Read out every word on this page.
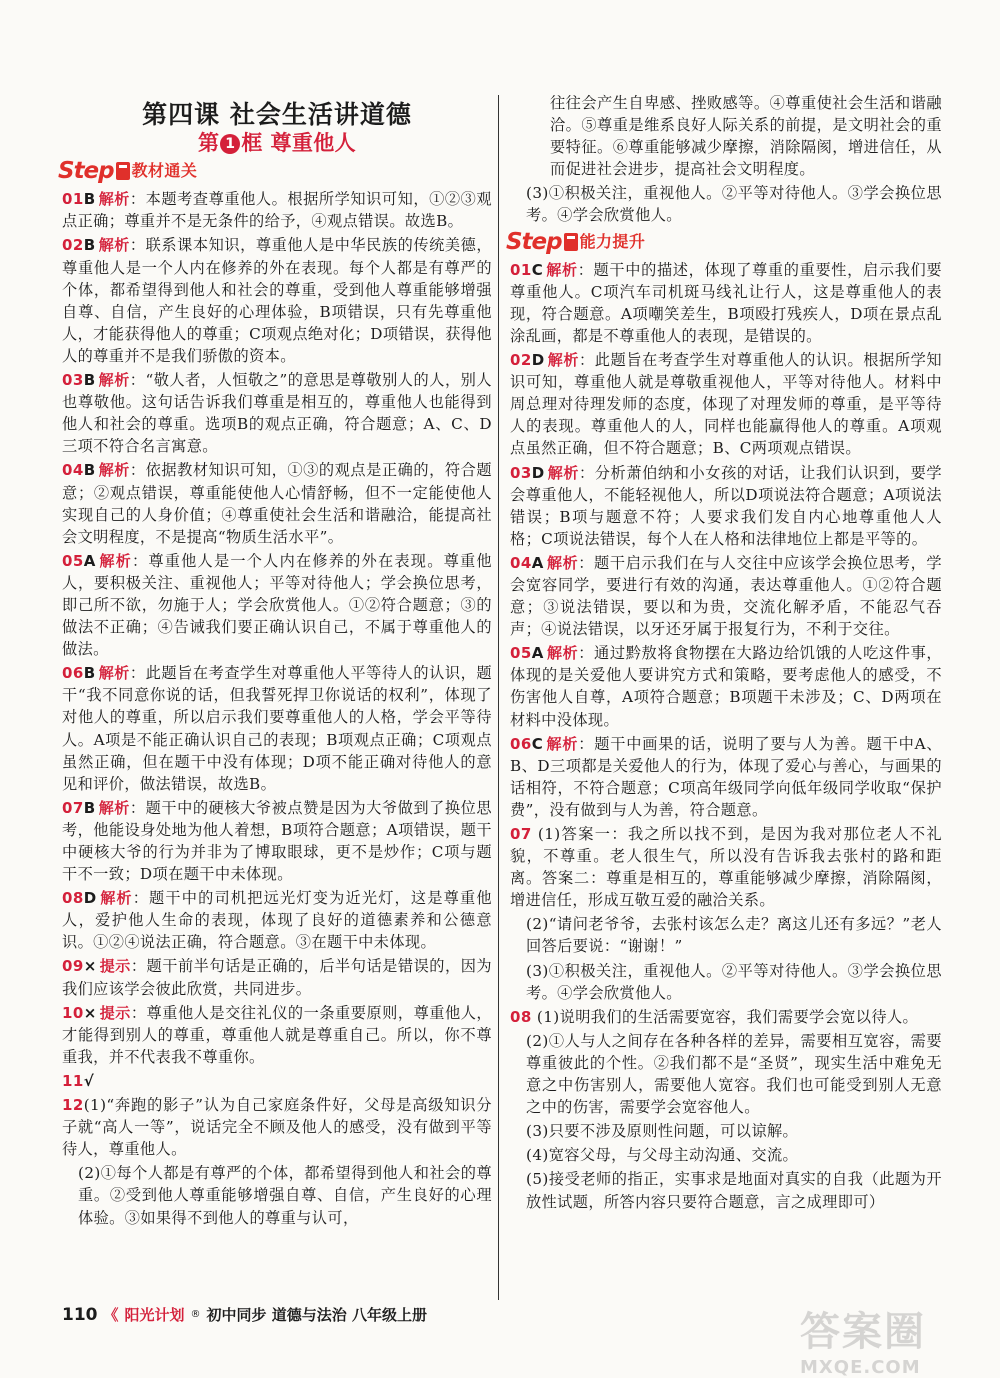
第四课 社会生活讲道德
第 1 框 尊重他人
Step 教材通关
01B 解析：本题考查尊重他人。根据所学知识可知，①②③观点正确；尊重并不是无条件的给予，④观点错误。故选B。
02B 解析：联系课本知识，尊重他人是中华民族的传统美德，尊重他人是一个人内在修养的外在表现。每个人都是有尊严的个体，都希望得到他人和社会的尊重，受到他人尊重能够增强自尊、自信，产生良好的心理体验，B项错误，只有先尊重他人，才能获得他人的尊重；C项观点绝对化；D项错误，获得他人的尊重并不是我们骄傲的资本。
03B 解析：“敬人者，人恒敬之”的意思是尊敬别人的人，别人也尊敬他。这句话告诉我们尊重是相互的，尊重他人也能得到他人和社会的尊重。选项B的观点正确，符合题意；A、C、D三项不符合名言寓意。
04B 解析：依据教材知识可知，①③的观点是正确的，符合题意；②观点错误，尊重能使他人心情舒畅，但不一定能使他人实现自己的人身价值；④尊重使社会生活和谐融洽，能提高社会文明程度，不是提高“物质生活水平”。
05A 解析：尊重他人是一个人内在修养的外在表现。尊重他人，要积极关注、重视他人；平等对待他人；学会换位思考，即己所不欲，勿施于人；学会欣赏他人。①②符合题意；③的做法不正确；④告诫我们要正确认识自己，不属于尊重他人的做法。
06B 解析：此题旨在考查学生对尊重他人平等待人的认识，题干“我不同意你说的话，但我誓死捍卫你说话的权利”，体现了对他人的尊重，所以启示我们要尊重他人的人格，学会平等待人。A项是不能正确认识自己的表现；B项观点正确；C项观点虽然正确，但在题干中没有体现；D项不能正确对待他人的意见和评价，做法错误，故选B。
07B 解析：题干中的硬核大爷被点赞是因为大爷做到了换位思考，他能设身处地为他人着想，B项符合题意；A项错误，题干中硬核大爷的行为并非为了博取眼球，更不是炒作；C项与题干不一致；D项在题干中未体现。
08D 解析：题干中的司机把远光灯变为近光灯，这是尊重他人，爱护他人生命的表现，体现了良好的道德素养和公德意识。①②④说法正确，符合题意。③在题干中未体现。
09× 提示：题干前半句话是正确的，后半句话是错误的，因为我们应该学会彼此欣赏，共同进步。
10× 提示：尊重他人是交往礼仪的一条重要原则，尊重他人，才能得到别人的尊重，尊重他人就是尊重自己。所以，你不尊重我，并不代表我不尊重你。
11√
12(1)“奔跑的影子”认为自己家庭条件好，父母是高级知识分子就“高人一等”，说话完全不顾及他人的感受，没有做到平等待人，尊重他人。
(2)①每个人都是有尊严的个体，都希望得到他人和社会的尊重。②受到他人尊重能够增强自尊、自信，产生良好的心理体验。③如果得不到他人的尊重与认可，
往往会产生自卑感、挫败感等。④尊重使社会生活和谐融洽。⑤尊重是维系良好人际关系的前提，是文明社会的重要特征。⑥尊重能够减少摩擦，消除隔阂，增进信任，从而促进社会进步，提高社会文明程度。
(3)①积极关注，重视他人。②平等对待他人。③学会换位思考。④学会欣赏他人。
Step 能力提升
01C 解析：题干中的描述，体现了尊重的重要性，启示我们要尊重他人。C项汽车司机斑马线礼让行人，这是尊重他人的表现，符合题意。A项嘲笑差生，B项殴打残疾人，D项在景点乱涂乱画，都是不尊重他人的表现，是错误的。
02D 解析：此题旨在考查学生对尊重他人的认识。根据所学知识可知，尊重他人就是尊敬重视他人，平等对待他人。材料中周总理对待理发师的态度，体现了对理发师的尊重，是平等待人的表现。尊重他人的人，同样也能赢得他人的尊重。A项观点虽然正确，但不符合题意；B、C两项观点错误。
03D 解析：分析萧伯纳和小女孩的对话，让我们认识到，要学会尊重他人，不能轻视他人，所以D项说法符合题意；A项说法错误；B项与题意不符；人要求我们发自内心地尊重他人人格；C项说法错误，每个人在人格和法律地位上都是平等的。
04A 解析：题干启示我们在与人交往中应该学会换位思考，学会宽容同学，要进行有效的沟通，表达尊重他人。①②符合题意；③说法错误，要以和为贵，交流化解矛盾，不能忍气吞声；④说法错误，以牙还牙属于报复行为，不利于交往。
05A 解析：通过黔敖将食物摆在大路边给饥饿的人吃这件事，体现的是关爱他人要讲究方式和策略，要考虑他人的感受，不伤害他人自尊，A项符合题意；B项题干未涉及；C、D两项在材料中没体现。
06C 解析：题干中画果的话，说明了要与人为善。题干中A、B、D三项都是关爱他人的行为，体现了爱心与善心，与画果的话相符，不符合题意；C项高年级同学向低年级同学收取“保护费”，没有做到与人为善，符合题意。
07 (1)答案一：我之所以找不到，是因为我对那位老人不礼貌，不尊重。老人很生气，所以没有告诉我去张村的路和距离。答案二：尊重是相互的，尊重能够减少摩擦，消除隔阂，增进信任，形成互敬互爱的融洽关系。
(2)“请问老爷爷，去张村该怎么走？离这儿还有多远？”老人回答后要说：“谢谢！”
(3)①积极关注，重视他人。②平等对待他人。③学会换位思考。④学会欣赏他人。
08 (1)说明我们的生活需要宽容，我们需要学会宽以待人。
(2)①人与人之间存在各种各样的差异，需要相互宽容，需要尊重彼此的个性。②我们都不是“圣贤”，现实生活中难免无意之中伤害别人，需要他人宽容。我们也可能受到别人无意之中的伤害，需要学会宽容他人。
(3)只要不涉及原则性问题，可以谅解。
(4)宽容父母，与父母主动沟通、交流。
(5)接受老师的指正，实事求是地面对真实的自我（此题为开放性试题，所答内容只要符合题意，言之成理即可）
110 《 阳光计划 ® 初中同步 道德与法治 八年级上册	答案圈
MXQE.COM
